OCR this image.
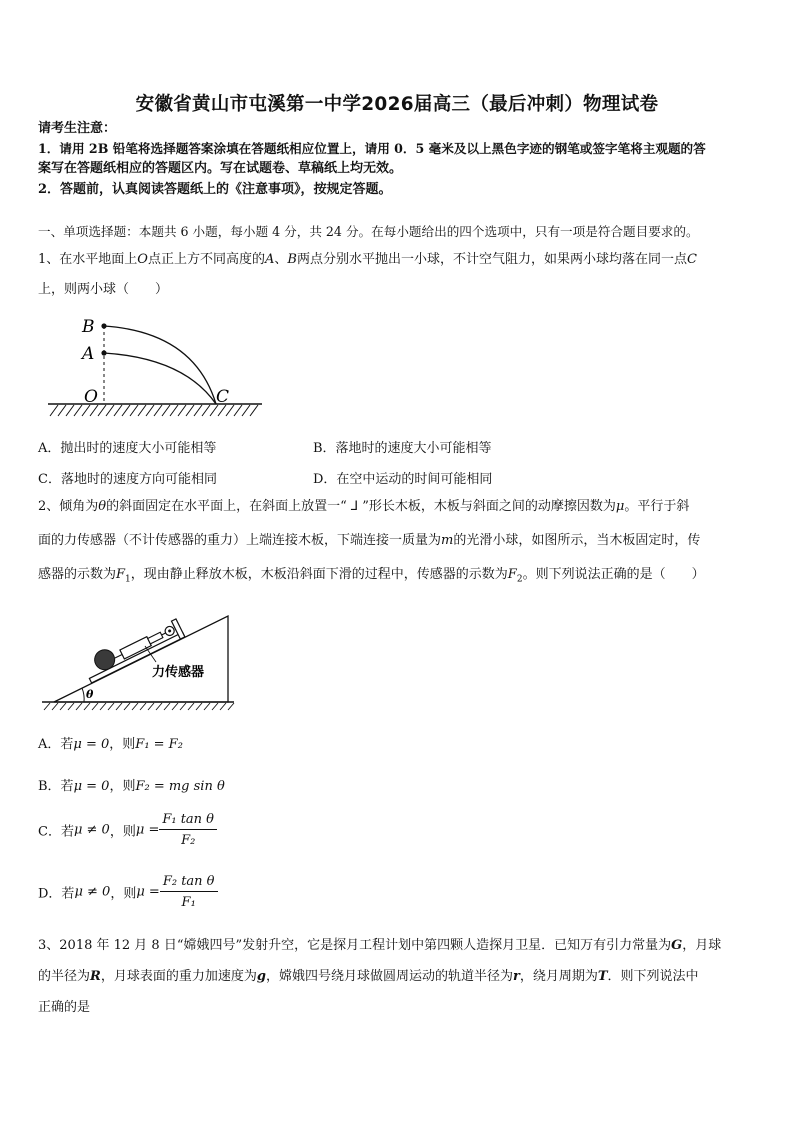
安徽省黄山市屯溪第一中学2026届高三（最后冲刺）物理试卷
请考生注意：
1．请用 2B 铅笔将选择题答案涂填在答题纸相应位置上，请用 0．5 毫米及以上黑色字迹的钢笔或签字笔将主观题的答
案写在答题纸相应的答题区内。写在试题卷、草稿纸上均无效。
2．答题前，认真阅读答题纸上的《注意事项》，按规定答题。
一、单项选择题：本题共 6 小题，每小题 4 分，共 24 分。在每小题给出的四个选项中，只有一项是符合题目要求的。
1、在水平地面上O点正上方不同高度的A、B两点分别水平抛出一小球，不计空气阻力，如果两小球均落在同一点C
上，则两小球（　　）
B
A
O	C
A．抛出时的速度大小可能相等	B．落地时的速度大小可能相等
C．落地时的速度方向可能相同	D．在空中运动的时间可能相同
2、倾角为θ的斜面固定在水平面上，在斜面上放置一“ ⅃ ”形长木板，木板与斜面之间的动摩擦因数为μ。平行于斜
面的力传感器（不计传感器的重力）上端连接木板，下端连接一质量为m的光滑小球，如图所示，当木板固定时，传
感器的示数为$F_1$，现由静止释放木板，木板沿斜面下滑的过程中，传感器的示数为$F_2$。则下列说法正确的是（　　）
θ
力传感器
A．若μ = 0，则F₁ = F₂
B．若μ = 0，则F₂ = mg sin θ
C．若μ ≠ 0，则$\mu = \frac{\text{F₁ tan θ}}{\text{F₂}}$
D．若μ ≠ 0，则$\mu = \frac{\text{F₂ tan θ}}{\text{F₁}}$
3、2018 年 12 月 8 日“嫦娥四号”发射升空，它是探月工程计划中第四颗人造探月卫星．已知万有引力常量为G，月球
的半径为R，月球表面的重力加速度为g，嫦娥四号绕月球做圆周运动的轨道半径为r，绕月周期为T．则下列说法中
正确的是
